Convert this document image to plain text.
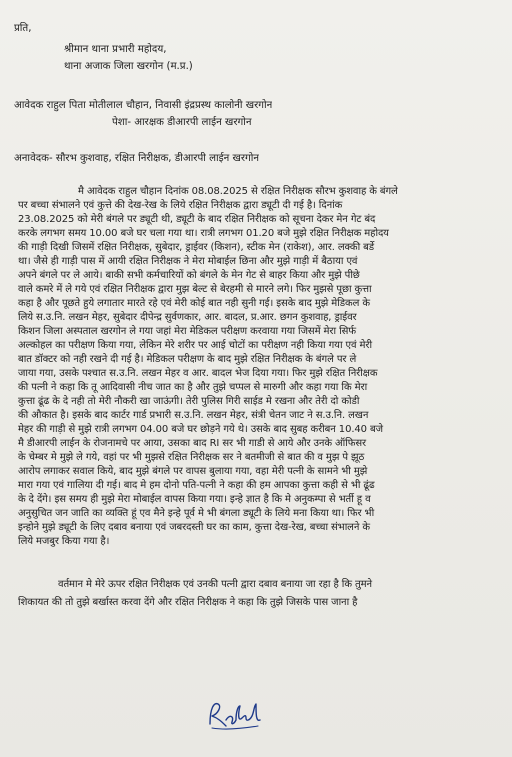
प्रति,
श्रीमान थाना प्रभारी महोदय,
थाना अजाक जिला खरगोन (म.प्र.)
आवेदक राहुल पिता मोतीलाल चौहान, निवासी इंद्रप्रस्थ कालोनी खरगोन
पेशा- आरक्षक डीआरपी लाईन खरगोन
अनावेदक- सौरभ कुशवाह, रक्षित निरीक्षक, डीआरपी लाईन खरगोन
मै आवेदक राहुल चौहान दिनांक 08.08.2025 से रक्षित निरीक्षक सौरभ कुशवाह के बंगले
पर बच्चा संभालने एवं कुत्ते की देख-रेख के लिये रक्षित निरीक्षक द्वारा ड्यूटी दी गई है। दिनांक
23.08.2025 को मेरी बंगले पर ड्यूटी थी, ड्यूटी के बाद रक्षित निरीक्षक को सूचना देकर मेन गेट बंद
करके लगभग समय 10.00 बजे घर चला गया था। रात्री लगभग 01.20 बजे मुझे रक्षित निरीक्षक महोदय
की गाड़ी दिखी जिसमें रक्षित निरीक्षक, सुबेदार, ड्राईवर (किशन), स्टीक मेन (राकेश), आर. लक्की बर्डे
था। जैसे ही गाड़ी पास में आयी रक्षित निरीक्षक ने मेरा मोबाईल छिना और मुझे गाड़ी में बैठाया एवं
अपने बंगले पर ले आये। बाकी सभी कर्मचारियों को बंगले के मेन गेट से बाहर किया और मुझे पीछे
वाले कमरे में ले गये एवं रक्षित निरीक्षक द्वारा मुझ बेल्ट से बेरहमी से मारने लगे। फिर मुझसे पूछा कुत्ता
कहा है और पूछते हुये लगातार मारते रहे एवं मेरी कोई बात नही सुनी गई। इसके बाद मुझे मेडिकल के
लिये स.उ.नि. लखन मेहर, सुबेदार दीपेन्द्र सुर्वणकार, आर. बादल, प्र.आर. छगन कुशवाह, ड्राईवर
किशन जिला अस्पताल खरगोन ले गया जहां मेरा मेडिकल परीक्षण करवाया गया जिसमें मेरा सिर्फ
अल्कोहल का परीक्षण किया गया, लेकिन मेरे शरीर पर आई चोटों का परीक्षण नही किया गया एवं मेरी
बात डॉक्टर को नही रखने दी गई है। मेडिकल परीक्षण के बाद मुझे रक्षित निरीक्षक के बंगले पर ले
जाया गया, उसके पश्चात स.उ.नि. लखन मेहर व आर. बादल भेज दिया गया। फिर मुझे रक्षित निरीक्षक
की पत्नी ने कहा कि तू आदिवासी नीच जात का है और तुझे चप्पल से मारुगी और कहा गया कि मेरा
कुत्ता ढूंढ के दे नही तो मेरी नौकरी खा जाऊंगी। तेरी पुलिस गिरी साईड मे रखना और तेरी दो कोडी
की औकात है। इसके बाद कार्टर गार्ड प्रभारी स.उ.नि. लखन मेहर, संत्री चेतन जाट ने स.उ.नि. लखन
मेहर की गाड़ी से मुझे रात्री लगभग 04.00 बजे घर छोड़ने गये थे। उसके बाद सुबह करीबन 10.40 बजे
मै डीआरपी लाईन के रोजनामचे पर आया, उसका बाद RI सर भी गाडी से आये और उनके ऑफिसर
के चेम्बर मे मुझे ले गये, वहां पर भी मुझसे रक्षित निरीक्षक सर ने बतमीजी से बात की व मुझ पे झूठ
आरोप लगाकर सवाल किये, बाद मुझे बंगले पर वापस बुलाया गया, वहा मेरी पत्नी के सामने भी मुझे
मारा गया एवं गालिया दी गई। बाद मे हम दोनो पति-पत्नी ने कहा की हम आपका कुत्ता कही से भी ढूंढ
के दे देंगे। इस समय ही मुझे मेरा मोबाईल वापस किया गया। इन्हे ज्ञात है कि मे अनुकम्पा से भर्ती हू व
अनुसुचित जन जाति का व्यक्ति हूं एव मैने इन्हे पूर्व मे भी बंगला ड्यूटी के लिये मना किया था। फिर भी
इन्होने मुझे ड्यूटी के लिए दबाव बनाया एवं जबरदस्ती घर का काम, कुत्ता देख-रेख, बच्चा संभालने के
लिये मजबुर किया गया है।
वर्तमान मे मेरे ऊपर रक्षित निरीक्षक एवं उनकी पत्नी द्वारा दबाव बनाया जा रहा है कि तुमने
शिकायत की तो तुझे बर्खास्त करवा देंगे और रक्षित निरीक्षक ने कहा कि तुझे जिसके पास जाना है
